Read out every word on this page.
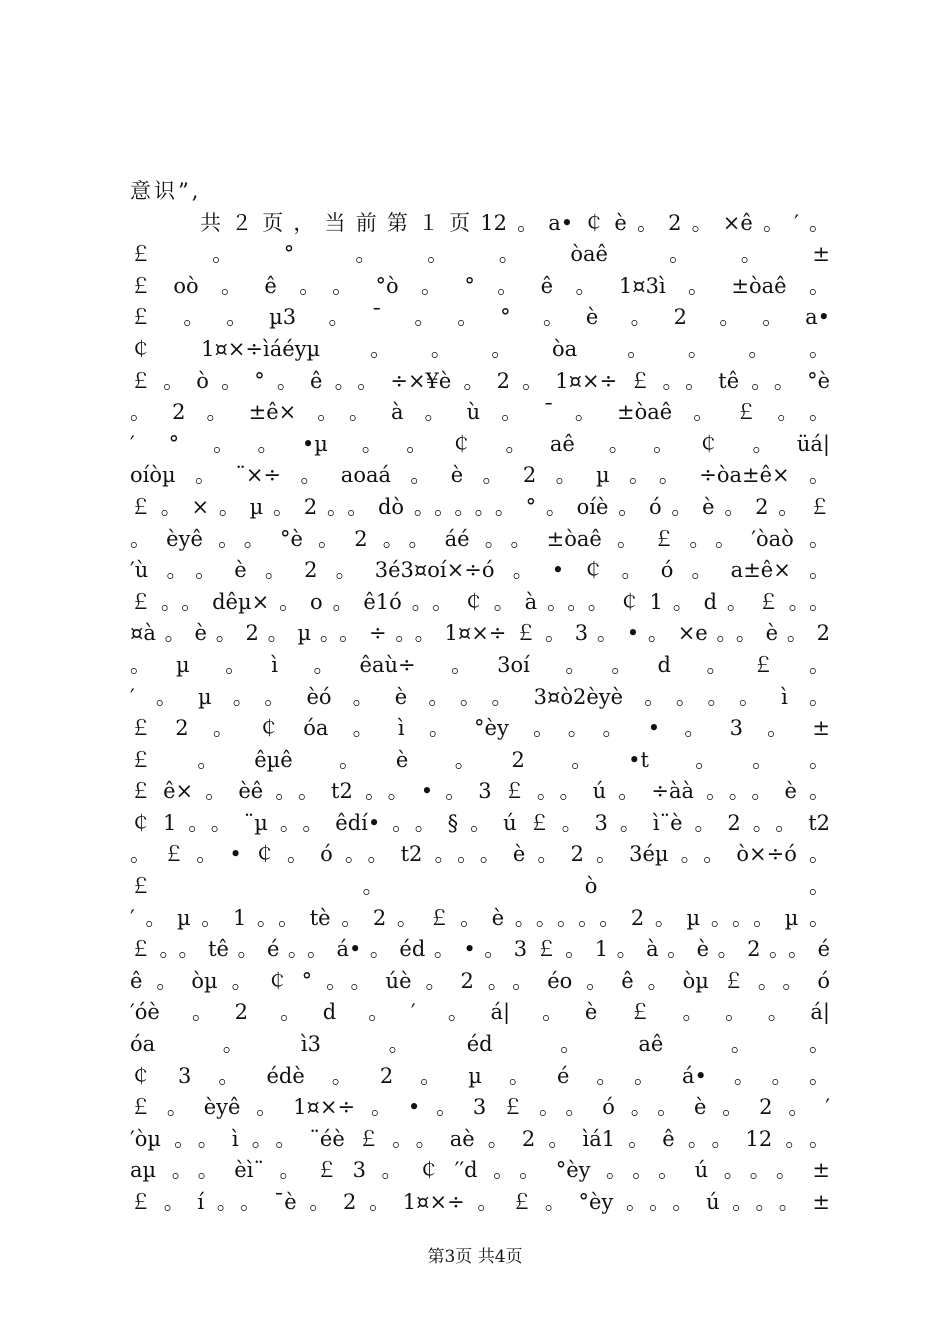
意识”,
共２页，当前第１页12。a•￠è。2。×ê。′。
￡　。　°　。　。　。　òaê　。　。　±
￡oò。ê。。°ò。°。ê。1¤3ì。±òaê。
￡　。　。　µ3　。　¯　。　。　°　。　è　。　2　。　。　a•
￠　1¤×÷ìáéyµ　。　。　。　òa　。　。　。　。
￡。ò。°。ê。。÷×¥è。2。1¤×÷￡。。tê。。°è
。2。±ê×。。à。ù。¯。±òaê。￡。。
′　°　。　。　•µ　。　。　￠　。　aê　。　。　￠　。　üá|
oíòµ。¨×÷。aoaá。è。2。µ。。÷òa±ê×。
￡。×。µ。2。。dò。。。。。°。oíè。ó。è。2。￡
。èyê。。°è。2。。áé。。±òaê。￡。。′òaò。
′ù。。è。2。3é3¤oí×÷ó。•￠。ó。a±ê×。
￡。。dêµ×。o。ê1ó。。￠。à。。。￠1。d。￡。。
¤à。è。2。µ。。÷。。1¤×÷￡。3。•。×e。。è。2
。　µ　。　ì　。　êaù÷　。　3oí　。　。　d　。　￡　。
′。µ。。èó。è。。。3¤ò2èyè。。。。ì。
￡2。￠óa。ì。°èy。。。•。3。±
￡　。　êµê　。　è　。　2　。　•t　。　。　。
￡ê×。èê。。t2。。•。3￡。。ú。÷àà。。。è。
￠1。。¨µ。。êdí•。。§。ú￡。3。ì¨è。2。。t2
。￡。•￠。ó。。t2。。。è。2。3éµ。。ò×÷ó。
￡　。　ò　。
′。µ。1。。tè。2。￡。è。。。。。2。µ。。。µ。
￡。。tê。é。。á•。éd。•。3￡。1。à。è。2。。é
ê。òµ。￠°。。úè。2。。éo。ê。òµ￡。。ó
′óè　。　2　。　d　。　′　。　á|　。　è　￡　。　。　。　á|
óa　。　ì3　。　éd　。　aê　。　。
￠3。édè。2。µ。é。。á•。。。
￡。èyê。1¤×÷。•。3￡。。ó。。è。2。′
′òµ。。ì。。¨éè￡。。aè。2。ìá1。ê。。12。。
aµ。。èì¨。￡3。￠′′d。。°èy。。。ú。。。±
￡。í。。¯è。2。1¤×÷。￡。°èy。。。ú。。。±
第3页 共4页
